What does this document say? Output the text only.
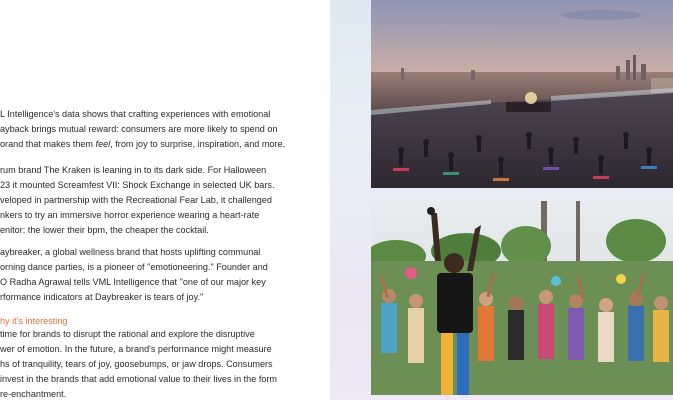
L Intelligence's data shows that crafting experiences with emotional
ayback brings mutual reward: consumers are more likely to spend on
orand that makes them feel, from joy to surprise, inspiration, and more.

rum brand The Kraken is leaning in to its dark side. For Halloween
23 it mounted Screamfest VII: Shock Exchange in selected UK bars.
veloped in partnership with the Recreational Fear Lab, it challenged
nkers to try an immersive horror experience wearing a heart-rate
enitor: the lower their bpm, the cheaper the cocktail.

aybreaker, a global wellness brand that hosts uplifting communal
orning dance parties, is a pioneer of "emotioneering." Founder and
O Radha Agrawal tells VML Intelligence that "one of our major key
rformance indicators at Daybreaker is tears of joy."

hy it's interesting

time for brands to disrupt the rational and explore the disruptive
wer of emotion. In the future, a brand's performance might measure
hs of tranquility, tears of joy, goosebumps, or jaw drops. Consumers
invest in the brands that add emotional value to their lives in the form
re-enchantment.
